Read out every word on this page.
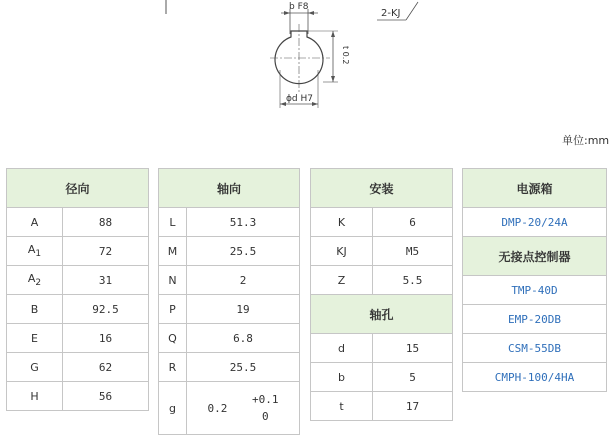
b F8
2-KJ
t 0.2
ϕd H7
单位:mm
径向	
A	88
$A_1$	72
$A_2$	31
B	92.5
E	16
G	62
H	56
轴向	
L	51.3
M	25.5
N	2
P	19
Q	6.8
R	25.5
g	0.2
+0.1
0
安装	
K	6
KJ	M5
Z	5.5
轴孔	
d	15
b	5
t	17
电源箱
DMP-20/24A
无接点控制器
TMP-40D
EMP-20DB
CSM-55DB
CMPH-100/4HA
